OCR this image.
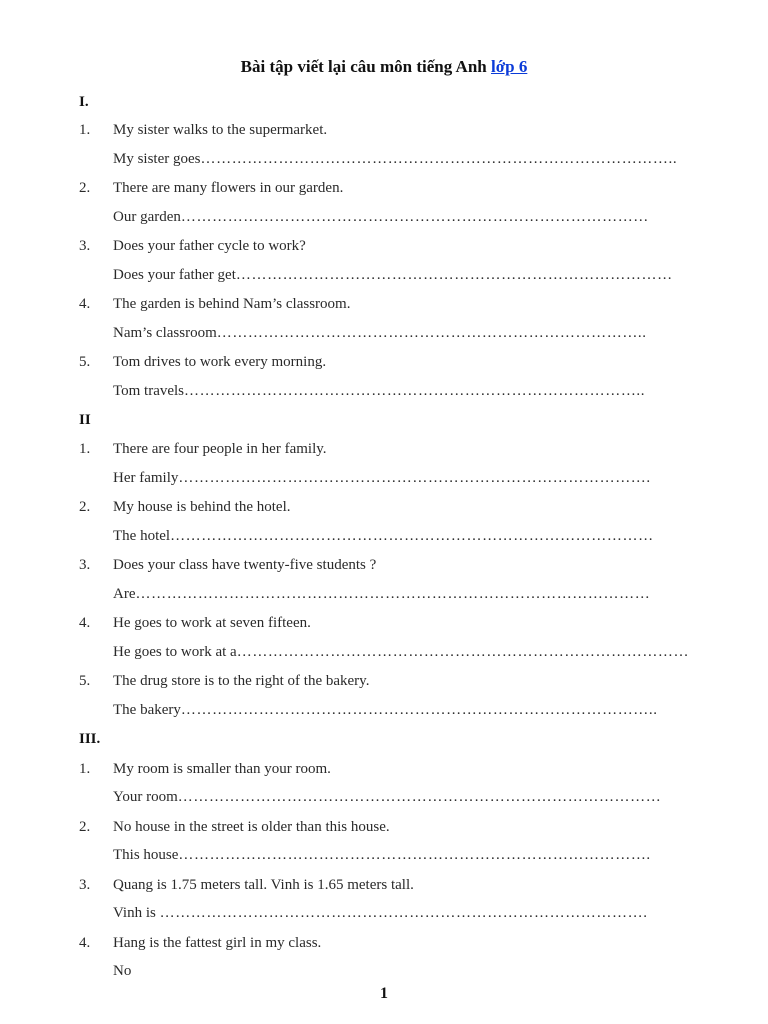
Bài tập viết lại câu môn tiếng Anh lớp 6
I.
1. My sister walks to the supermarket.
My sister goes………………………………………………………………………………..
2. There are many flowers in our garden.
Our garden………………………………………………………………………………
3. Does your father cycle to work?
Does your father get…………………………………………………………………………
4. The garden is behind Nam’s classroom.
Nam’s classroom………………………………………………………………………..
5. Tom drives to work every morning.
Tom travels……………………………………………………………………………..
II
1. There are four people in her family.
Her family……………………………………………………………………………….
2. My house is behind the hotel.
The hotel…………………………………………………………………………………
3. Does your class have twenty-five students ?
Are………………………………………………………………………………………
4. He goes to work at seven fifteen.
He goes to work at a……………………………………………………………………………
5. The drug store is to the right of the bakery.
The bakery………………………………………………………………………………..
III.
1. My room is smaller than your room.
Your room…………………………………………………………………………………
2. No house in the street is older than this house.
This house……………………………………………………………………………….
3. Quang is 1.75 meters tall. Vinh is 1.65 meters tall.
Vinh is ………………………………………………………………………………….
4. Hang is the fattest girl in my class.
No
1
